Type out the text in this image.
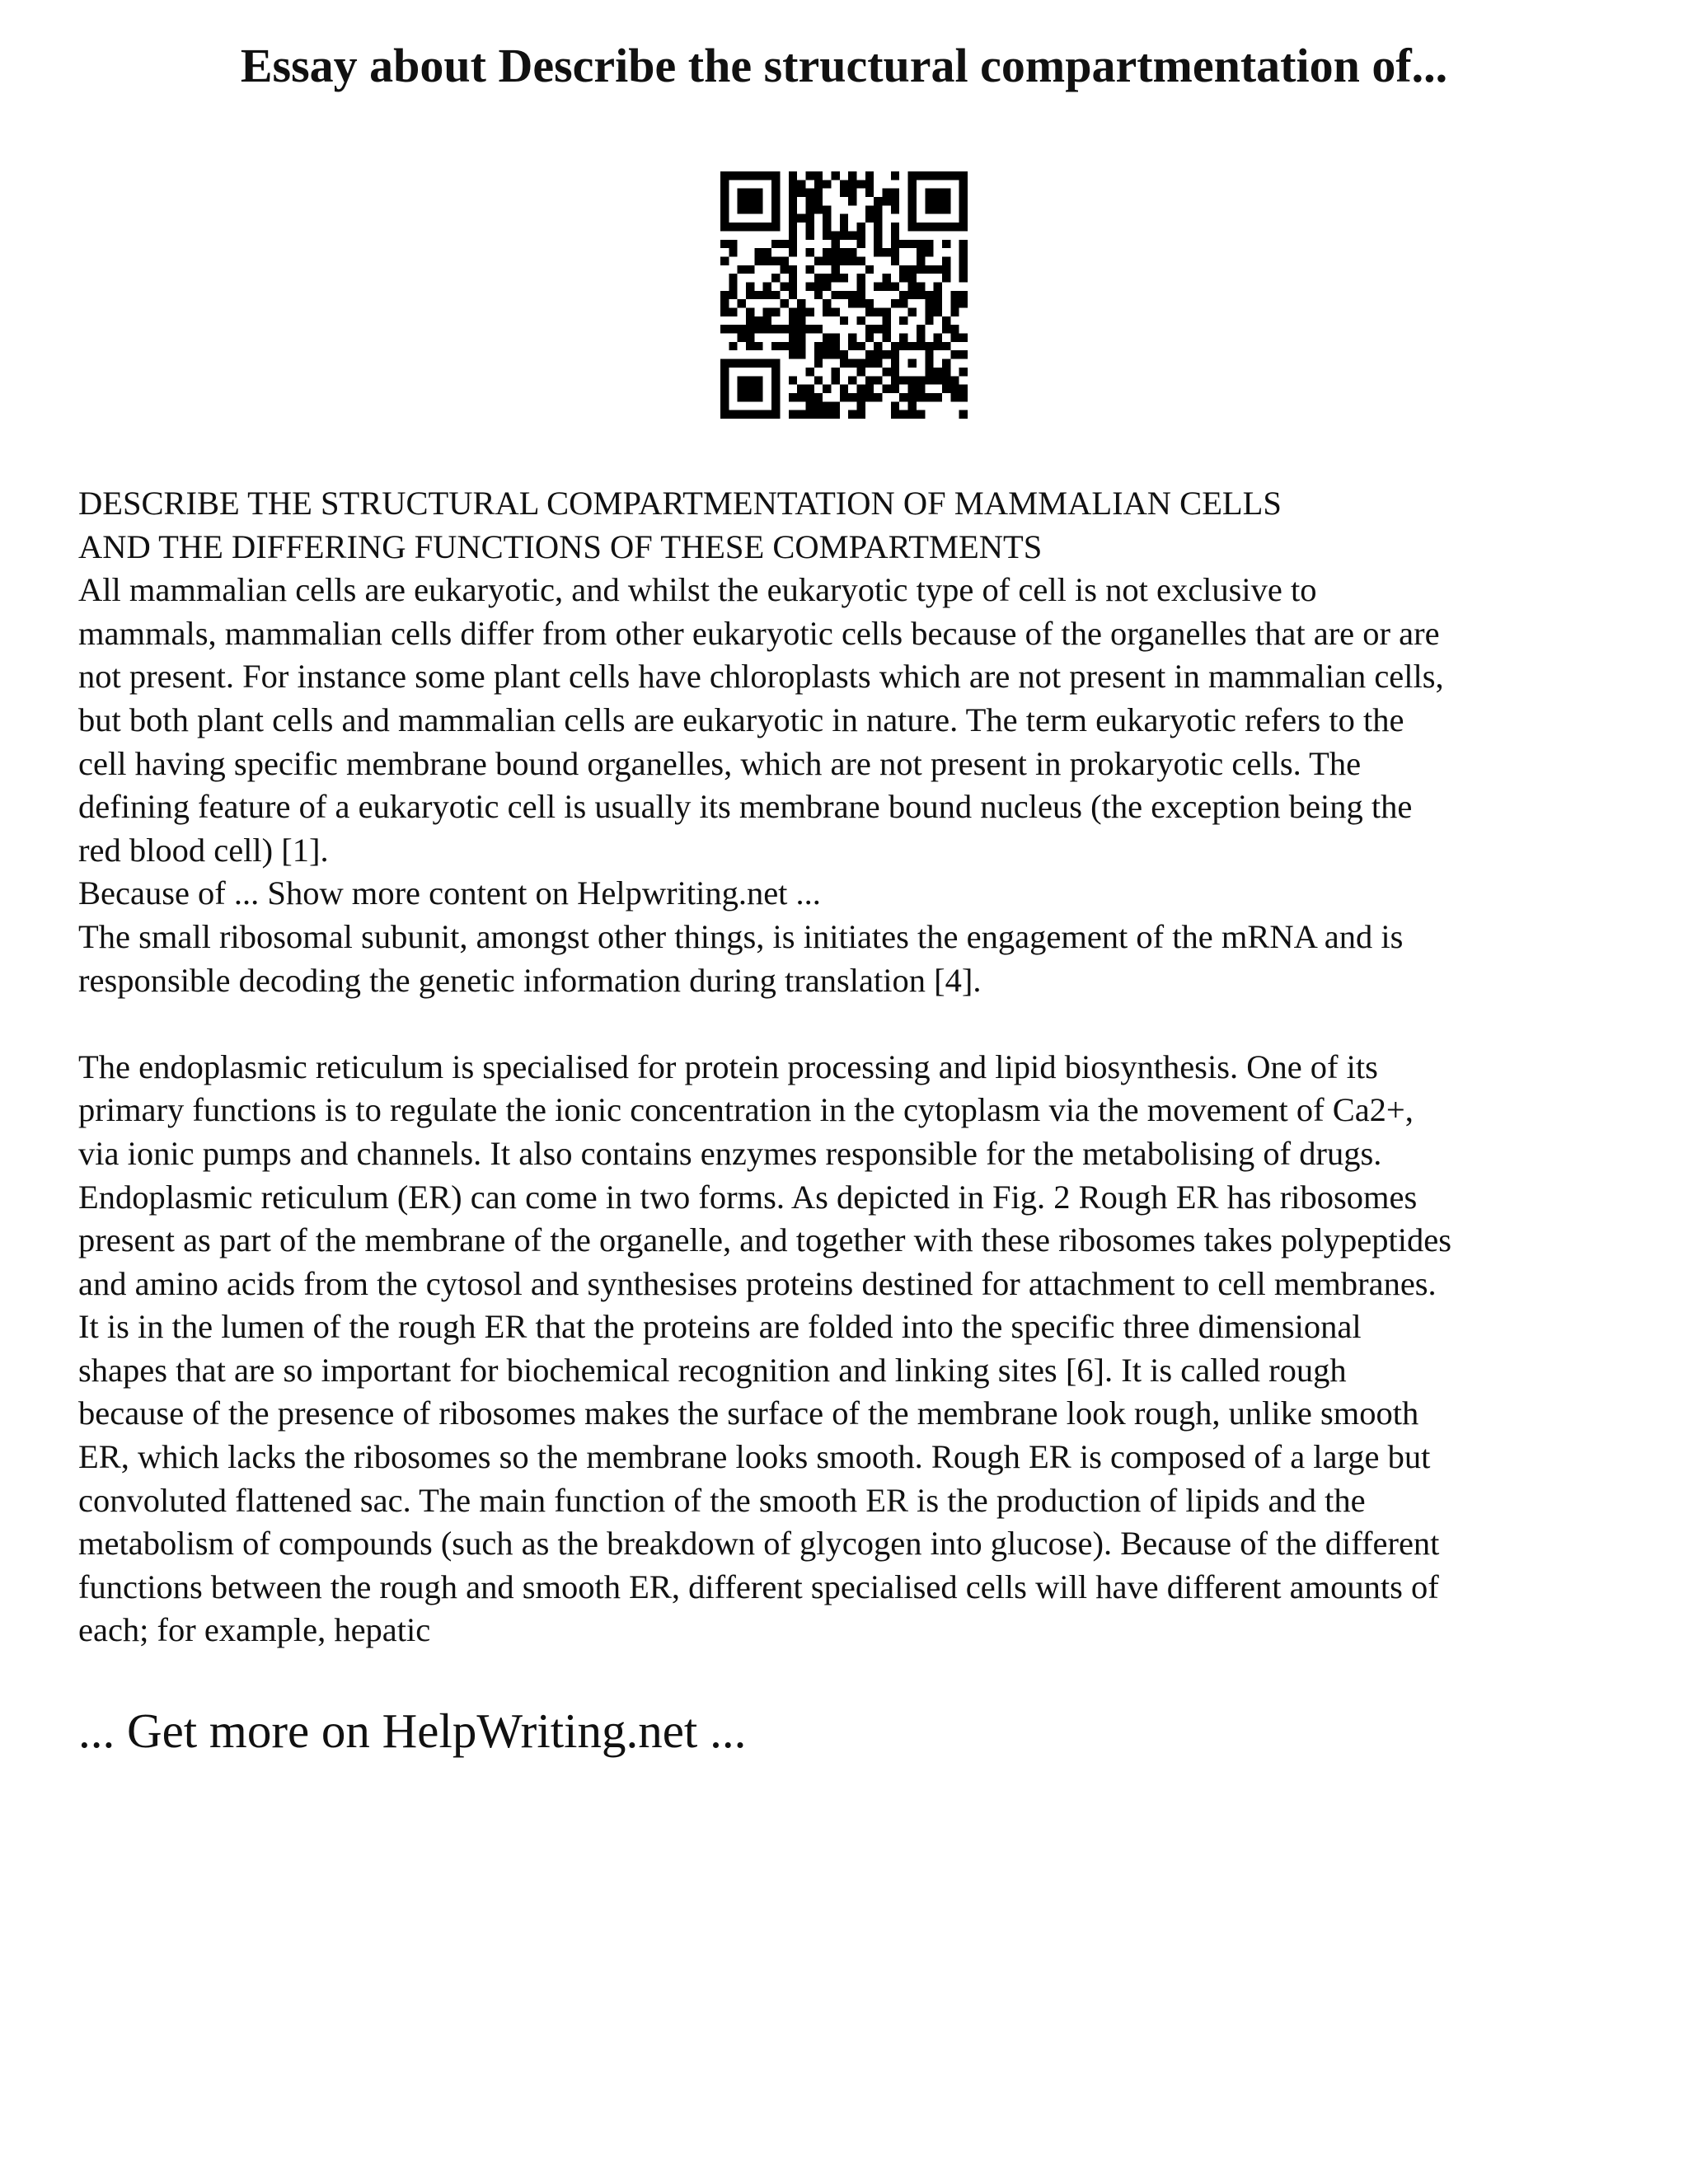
Essay about Describe the structural compartmentation of...

DESCRIBE THE STRUCTURAL COMPARTMENTATION OF MAMMALIAN CELLS

AND THE DIFFERING FUNCTIONS OF THESE COMPARTMENTS

All mammalian cells are eukaryotic, and whilst the eukaryotic type of cell is not exclusive to

mammals, mammalian cells differ from other eukaryotic cells because of the organelles that are or are

not present. For instance some plant cells have chloroplasts which are not present in mammalian cells,

but both plant cells and mammalian cells are eukaryotic in nature. The term eukaryotic refers to the

cell having specific membrane bound organelles, which are not present in prokaryotic cells. The

defining feature of a eukaryotic cell is usually its membrane bound nucleus (the exception being the

red blood cell) [1].

Because of ... Show more content on Helpwriting.net ...

The small ribosomal subunit, amongst other things, is initiates the engagement of the mRNA and is

responsible decoding the genetic information during translation [4].

The endoplasmic reticulum is specialised for protein processing and lipid biosynthesis. One of its

primary functions is to regulate the ionic concentration in the cytoplasm via the movement of Ca2+,

via ionic pumps and channels. It also contains enzymes responsible for the metabolising of drugs.

Endoplasmic reticulum (ER) can come in two forms. As depicted in Fig. 2 Rough ER has ribosomes

present as part of the membrane of the organelle, and together with these ribosomes takes polypeptides

and amino acids from the cytosol and synthesises proteins destined for attachment to cell membranes.

It is in the lumen of the rough ER that the proteins are folded into the specific three dimensional

shapes that are so important for biochemical recognition and linking sites [6]. It is called rough

because of the presence of ribosomes makes the surface of the membrane look rough, unlike smooth

ER, which lacks the ribosomes so the membrane looks smooth. Rough ER is composed of a large but

convoluted flattened sac. The main function of the smooth ER is the production of lipids and the

metabolism of compounds (such as the breakdown of glycogen into glucose). Because of the different

functions between the rough and smooth ER, different specialised cells will have different amounts of

each; for example, hepatic

... Get more on HelpWriting.net ...
